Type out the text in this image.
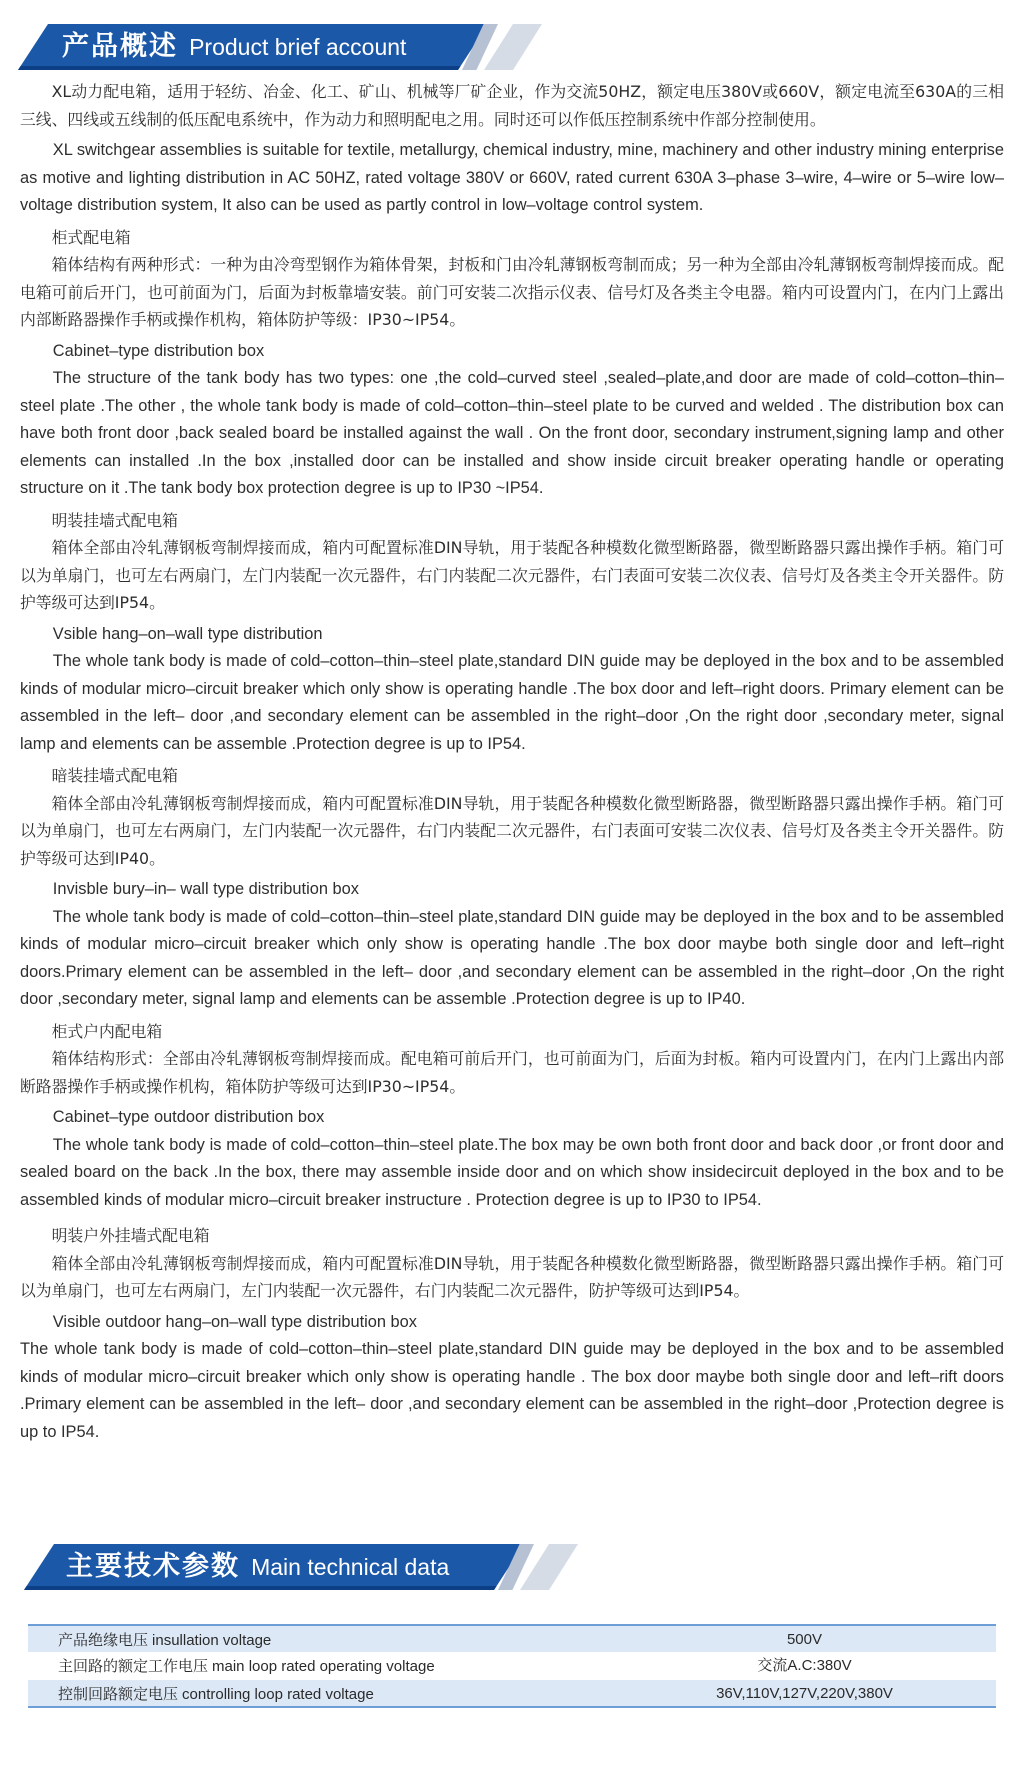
产品概述 Product brief account

XL动力配电箱，适用于轻纺、冶金、化工、矿山、机械等厂矿企业，作为交流50HZ，额定电压380V或660V，额定电流至630A的三相三线、四线或五线制的低压配电系统中，作为动力和照明配电之用。同时还可以作低压控制系统中作部分控制使用。

XL switchgear assemblies is suitable for textile, metallurgy, chemical industry, mine, machinery and other industry mining enterprise as motive and lighting distribution in AC 50HZ, rated voltage 380V or 660V, rated current 630A 3–phase 3–wire, 4–wire or 5–wire low–voltage distribution system, It also can be used as partly control in low–voltage control system.

柜式配电箱

箱体结构有两种形式：一种为由冷弯型钢作为箱体骨架，封板和门由冷轧薄钢板弯制而成；另一种为全部由冷轧薄钢板弯制焊接而成。配电箱可前后开门，也可前面为门，后面为封板靠墙安装。前门可安装二次指示仪表、信号灯及各类主令电器。箱内可设置内门，在内门上露出内部断路器操作手柄或操作机构，箱体防护等级：IP30~IP54。

Cabinet–type distribution box

The structure of the tank body has two types: one ,the cold–curved steel ,sealed–plate,and door are made of cold–cotton–thin–steel plate .The other , the whole tank body is made of cold–cotton–thin–steel plate to be curved and welded . The distribution box can have both front door ,back sealed board be installed against the wall . On the front door, secondary instrument,signing lamp and other elements can installed .In the box ,installed door can be installed and show inside circuit breaker operating handle or operating structure on it .The tank body box protection degree is up to IP30 ~IP54.

明装挂墙式配电箱

箱体全部由冷轧薄钢板弯制焊接而成，箱内可配置标准DIN导轨，用于装配各种模数化微型断路器，微型断路器只露出操作手柄。箱门可以为单扇门，也可左右两扇门，左门内装配一次元器件，右门内装配二次元器件，右门表面可安装二次仪表、信号灯及各类主令开关器件。防护等级可达到IP54。

Vsible hang–on–wall type distribution

The whole tank body is made of cold–cotton–thin–steel plate,standard DIN guide may be deployed in the box and to be assembled kinds of modular micro–circuit breaker which only show is operating handle .The box door and left–right doors. Primary element can be assembled in the left– door ,and secondary element can be assembled in the right–door ,On the right door ,secondary meter, signal lamp and elements can be assemble .Protection degree is up to IP54.

暗装挂墙式配电箱

箱体全部由冷轧薄钢板弯制焊接而成，箱内可配置标准DIN导轨，用于装配各种模数化微型断路器，微型断路器只露出操作手柄。箱门可以为单扇门，也可左右两扇门，左门内装配一次元器件，右门内装配二次元器件，右门表面可安装二次仪表、信号灯及各类主令开关器件。防护等级可达到IP40。

Invisble bury–in– wall type distribution box

The whole tank body is made of cold–cotton–thin–steel plate,standard DIN guide may be deployed in the box and to be assembled kinds of modular micro–circuit breaker which only show is operating handle .The box door maybe both single door and left–right doors.Primary element can be assembled in the left– door ,and secondary element can be assembled in the right–door ,On the right door ,secondary meter, signal lamp and elements can be assemble .Protection degree is up to IP40.

柜式户内配电箱

箱体结构形式：全部由冷轧薄钢板弯制焊接而成。配电箱可前后开门，也可前面为门，后面为封板。箱内可设置内门，在内门上露出内部断路器操作手柄或操作机构，箱体防护等级可达到IP30~IP54。

Cabinet–type outdoor distribution box

The whole tank body is made of cold–cotton–thin–steel plate.The box may be own both front door and back door ,or front door and sealed board on the back .In the box, there may assemble inside door and on which show insidecircuit deployed in the box and to be assembled kinds of modular micro–circuit breaker instructure . Protection degree is up to IP30 to IP54.

明装户外挂墙式配电箱

箱体全部由冷轧薄钢板弯制焊接而成，箱内可配置标准DIN导轨，用于装配各种模数化微型断路器，微型断路器只露出操作手柄。箱门可以为单扇门，也可左右两扇门，左门内装配一次元器件，右门内装配二次元器件，防护等级可达到IP54。

Visible outdoor hang–on–wall type distribution box

The whole tank body is made of cold–cotton–thin–steel plate,standard DIN guide may be deployed in the box and to be assembled kinds of modular micro–circuit breaker which only show is operating handle . The box door maybe both single door and left–rift doors .Primary element can be assembled in the left– door ,and secondary element can be assembled in the right–door ,Protection degree is up to IP54.

主要技术参数 Main technical data
产品绝缘电压 insullation voltage	500V
主回路的额定工作电压 main loop rated operating voltage	交流A.C:380V
控制回路额定电压 controlling loop rated voltage	36V,110V,127V,220V,380V
